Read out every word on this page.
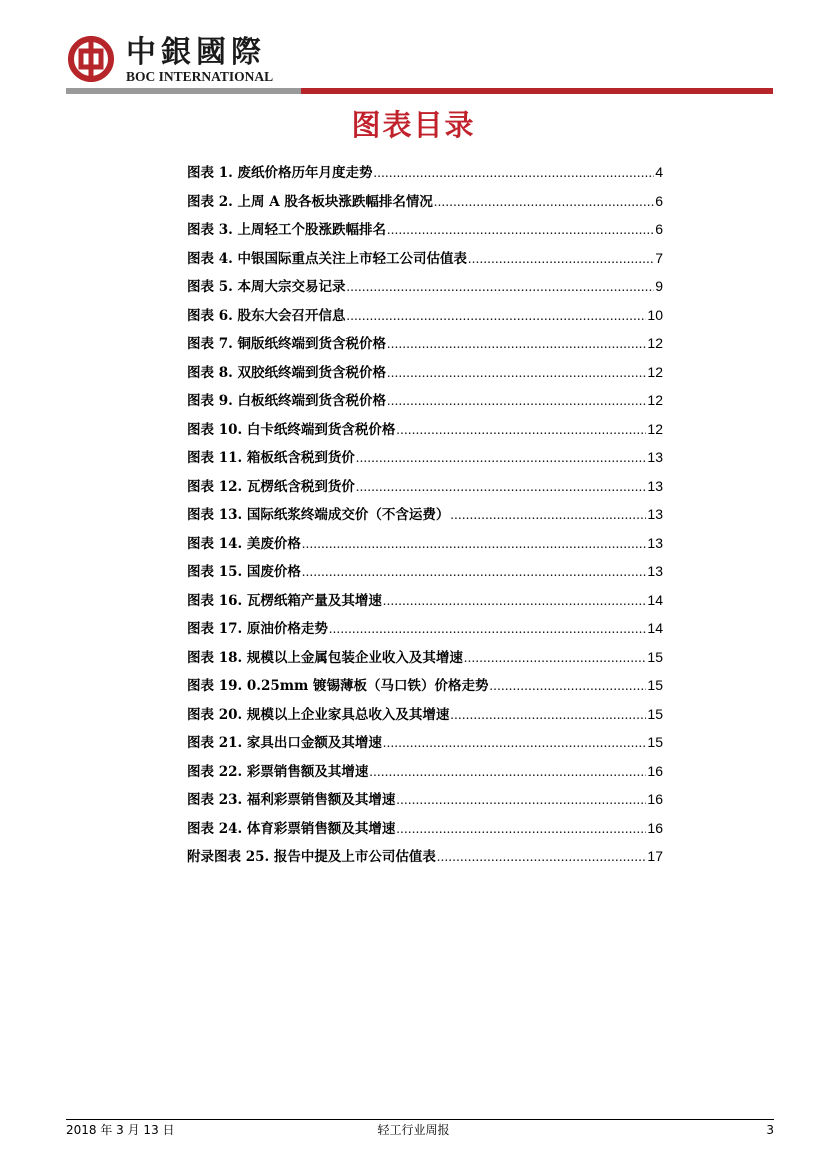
中銀國際
BOC INTERNATIONAL
图表目录
图表 1. 废纸价格历年月度走势 .....	4
图表 2. 上周 A 股各板块涨跌幅排名情况 .....	6
图表 3. 上周轻工个股涨跌幅排名 .....	6
图表 4. 中银国际重点关注上市轻工公司估值表 .....	7
图表 5. 本周大宗交易记录 .....	9
图表 6. 股东大会召开信息 .....	10
图表 7. 铜版纸终端到货含税价格 .....	12
图表 8. 双胶纸终端到货含税价格 .....	12
图表 9. 白板纸终端到货含税价格 .....	12
图表 10. 白卡纸终端到货含税价格 .....	12
图表 11. 箱板纸含税到货价 .....	13
图表 12. 瓦楞纸含税到货价 .....	13
图表 13. 国际纸浆终端成交价（不含运费） .....	13
图表 14. 美废价格 .....	13
图表 15. 国废价格 .....	13
图表 16. 瓦楞纸箱产量及其增速 .....	14
图表 17. 原油价格走势 .....	14
图表 18. 规模以上金属包装企业收入及其增速 .....	15
图表 19. 0.25mm 镀锡薄板（马口铁）价格走势 .....	15
图表 20. 规模以上企业家具总收入及其增速 .....	15
图表 21. 家具出口金额及其增速 .....	15
图表 22. 彩票销售额及其增速 .....	16
图表 23. 福利彩票销售额及其增速 .....	16
图表 24. 体育彩票销售额及其增速 .....	16
附录图表 25. 报告中提及上市公司估值表 .....	17
2018 年 3 月 13 日	轻工行业周报	3
